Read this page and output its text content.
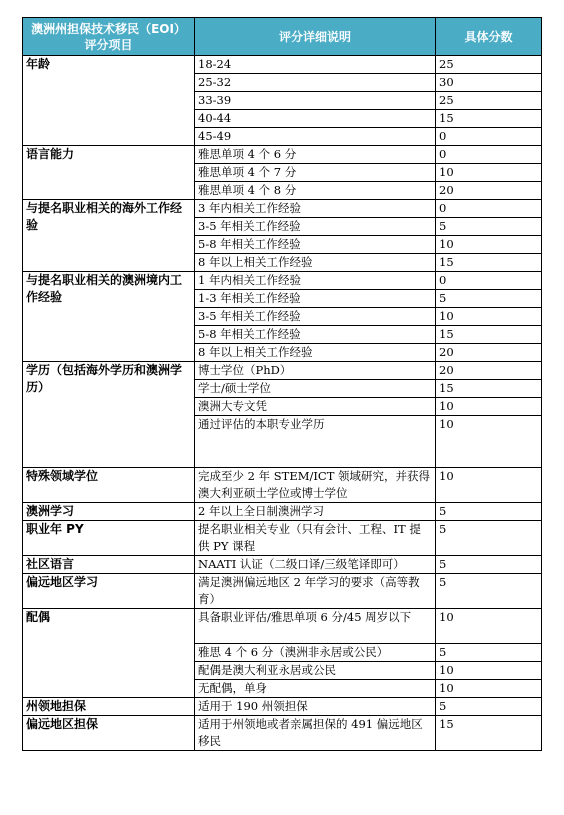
澳洲州担保技术移民（EOI）评分项目	评分详细说明	具体分数
年龄	18-24	25
	25-32	30
	33-39	25
	40-44	15
	45-49	0
语言能力	雅思单项 4 个 6 分	0
	雅思单项 4 个 7 分	10
	雅思单项 4 个 8 分	20
与提名职业相关的海外工作经验	3 年内相关工作经验	0
	3-5 年相关工作经验	5
	5-8 年相关工作经验	10
	8 年以上相关工作经验	15
与提名职业相关的澳洲境内工作经验	1 年内相关工作经验	0
	1-3 年相关工作经验	5
	3-5 年相关工作经验	10
	5-8 年相关工作经验	15
	8 年以上相关工作经验	20
学历（包括海外学历和澳洲学历）	博士学位（PhD）	20
	学士/硕士学位	15
	澳洲大专文凭	10
	通过评估的本职专业学历	10
特殊领域学位	完成至少 2 年 STEM/ICT 领域研究，并获得澳大利亚硕士学位或博士学位	10
澳洲学习	2 年以上全日制澳洲学习	5
职业年 PY	提名职业相关专业（只有会计、工程、IT 提供 PY 课程	5
社区语言	NAATI 认证（二级口译/三级笔译即可）	5
偏远地区学习	满足澳洲偏远地区 2 年学习的要求（高等教育）	5
配偶	具备职业评估/雅思单项 6 分/45 周岁以下	10
	雅思 4 个 6 分（澳洲非永居或公民）	5
	配偶是澳大利亚永居或公民	10
	无配偶，单身	10
州领地担保	适用于 190 州领担保	5
偏远地区担保	适用于州领地或者亲属担保的 491 偏远地区移民	15
